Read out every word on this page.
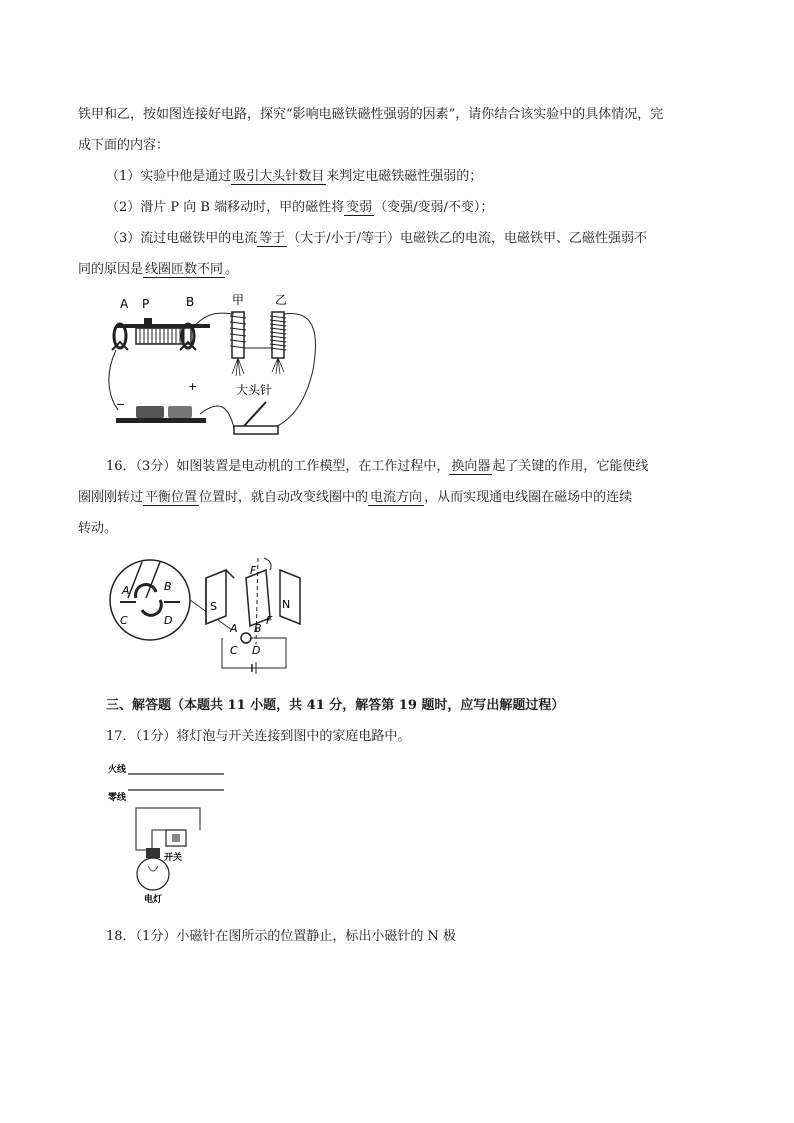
铁甲和乙，按如图连接好电路，探究“影响电磁铁磁性强弱的因素”，请你结合该实验中的具体情况，完
成下面的内容：
（1）实验中他是通过 吸引大头针数目 来判定电磁铁磁性强弱的；
（2）滑片 P 向 B 端移动时，甲的磁性将 变弱 （变强/变弱/不变）；
（3）流过电磁铁甲的电流 等于 （大于/小于/等于）电磁铁乙的电流，电磁铁甲、乙磁性强弱不
同的原因是 线圈匝数不同 。
A P	B	甲	乙
大头针
−
+
16．（3分）如图装置是电动机的工作模型，在工作过程中， 换向器 起了关键的作用，它能使线
圈刚刚转过 平衡位置 位置时，就自动改变线圈中的 电流方向 ，从而实现通电线圈在磁场中的连续
转动。
A	B
C	D
S	N
F
F
A B
C D
三、解答题（本题共 11 小题，共 41 分，解答第 19 题时，应写出解题过程）
17．（1分）将灯泡与开关连接到图中的家庭电路中。
火线
零线
开关
电灯
18．（1分）小磁针在图所示的位置静止，标出小磁针的 N 极
